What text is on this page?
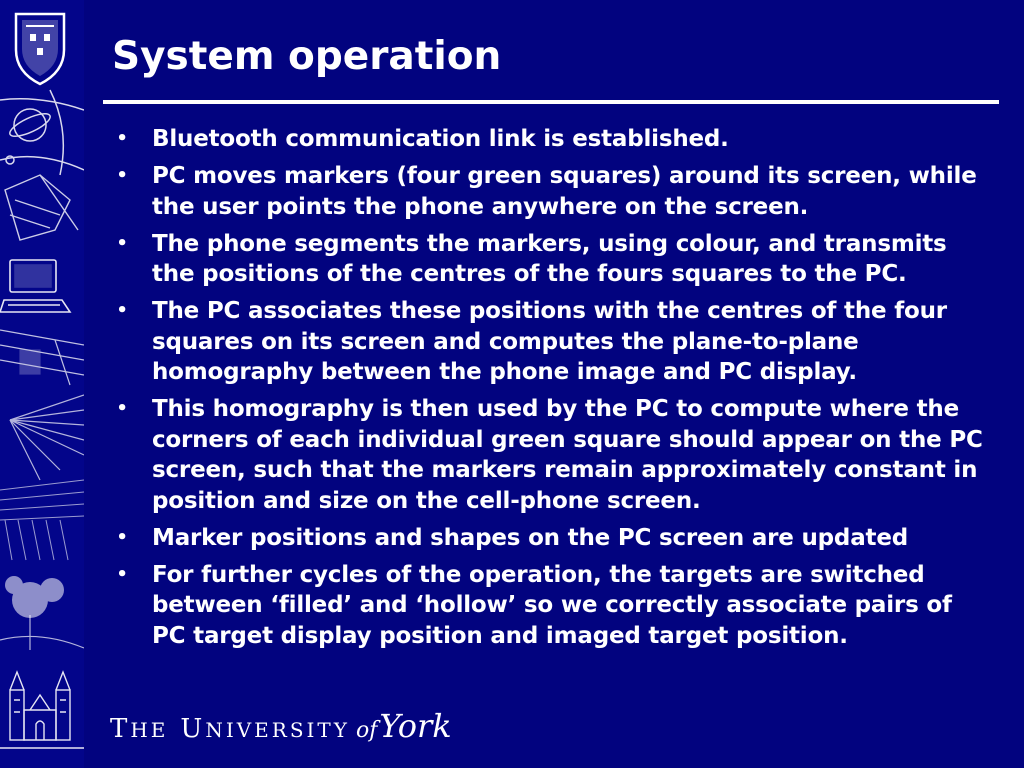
System operation
• Bluetooth communication link is established.
• PC moves markers (four green squares) around its screen, while the user points the phone anywhere on the screen.
• The phone segments the markers, using colour, and transmits the positions of the centres of the fours squares to the PC.
• The PC associates these positions with the centres of the four squares on its screen and computes the plane-to-plane homography between the phone image and PC display.
• This homography is then used by the PC to compute where the corners of each individual green square should appear on the PC screen, such that the markers remain approximately constant in position and size on the cell-phone screen.
• Marker positions and shapes on the PC screen are updated
• For further cycles of the operation, the targets are switched between ‘filled’ and ‘hollow’ so we correctly associate pairs of PC target display position and imaged target position.
THE UNIVERSITY of York
